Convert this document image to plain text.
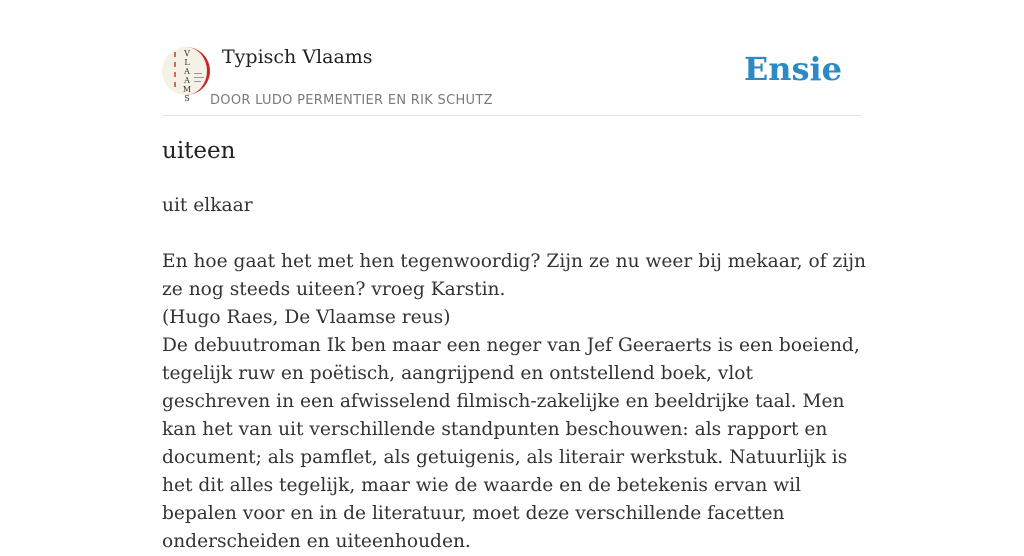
V
L
A
A
M
S
Typisch Vlaams
DOOR LUDO PERMENTIER EN RIK SCHUTZ
Ensie
uiteen

uit elkaar

En hoe gaat het met hen tegenwoordig? Zijn ze nu weer bij mekaar, of zijn ze nog steeds uiteen? vroeg Karstin.

(Hugo Raes, De Vlaamse reus)

De debuutroman Ik ben maar een neger van Jef Geeraerts is een boeiend, tegelijk ruw en poëtisch, aangrijpend en ontstellend boek, vlot geschreven in een afwisselend filmisch-zakelijke en beeldrijke taal. Men kan het van uit verschillende standpunten beschouwen: als rapport en document; als pamflet, als getuigenis, als literair werkstuk. Natuurlijk is het dit alles tegelijk, maar wie de waarde en de betekenis ervan wil bepalen voor en in de literatuur, moet deze verschillende facetten onderscheiden en uiteenhouden.
